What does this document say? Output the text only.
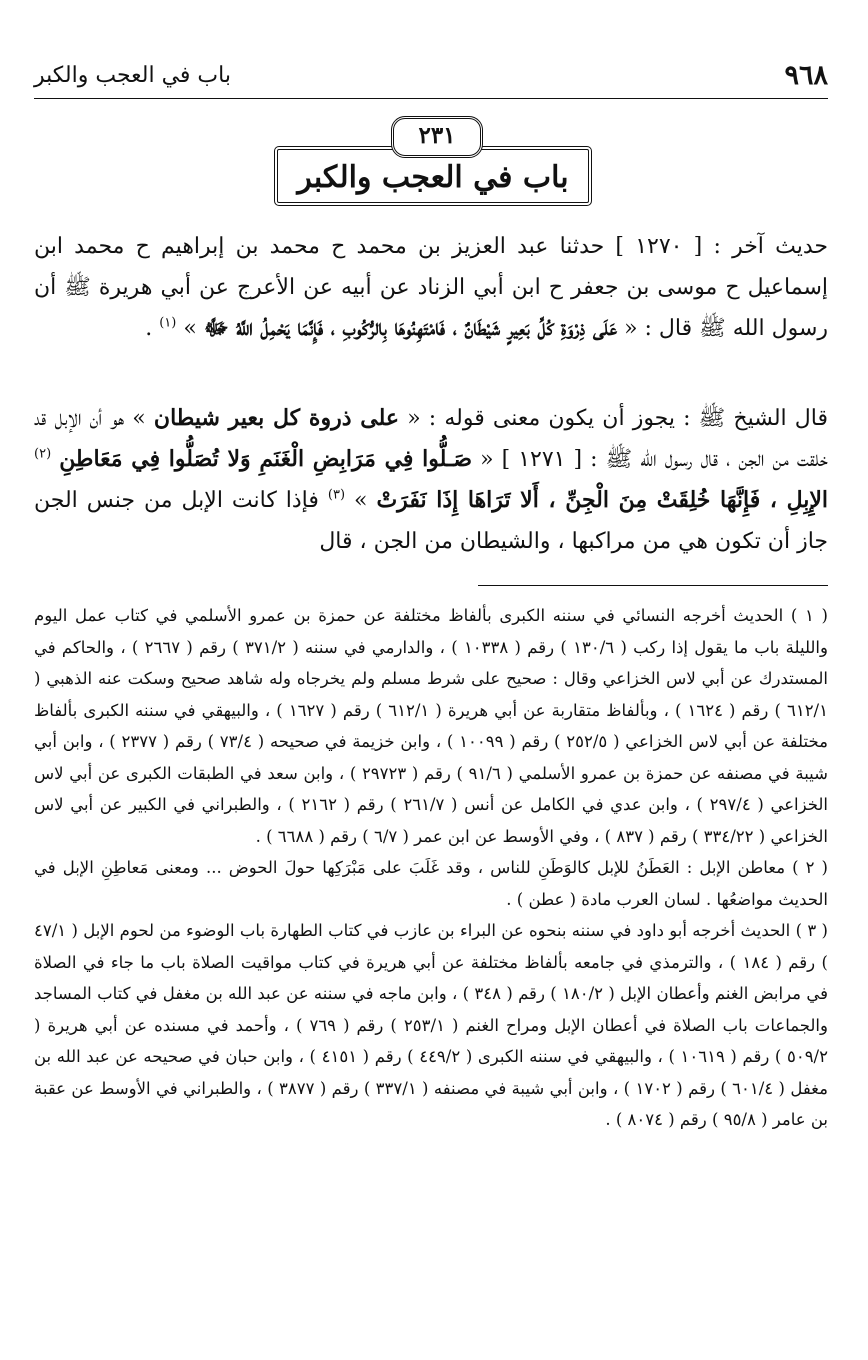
٩٦٨
باب في العجب والكبر
٢٣١
باب في العجب والكبر

حديث آخر : [ ١٢٧٠ ] حدثنا عبد العزيز بن محمد ح محمد بن إبراهيم ح محمد ابن إسماعيل ح موسى بن جعفر ح ابن أبي الزناد عن أبيه عن الأعرج عن أبي هريرة ﷺ أن رسول الله ﷺ قال : « عَلَى ذِرْوَةِ كُلِّ بَعِيرٍ شَيْطَانٌ ، فَامْتَهِنُوهَا بِالرُّكُوبِ ، فَإِنَّمَا يَحْمِلُ اللَّهُ ﷻ » $^{(١)}$ .

قال الشيخ ﷺ : يجوز أن يكون معنى قوله : « على ذروة كل بعير شيطان » هو أن الإبل قد خلقت من الجن ، قال رسول الله ﷺ : [ ١٢٧١ ] « صَـلُّوا فِي مَرَابِضِ الْغَنَمِ وَلا تُصَلُّوا فِي مَعَاطِنِ $^{(٢)}$ الإِبِلِ ، فَإِنَّهَا خُلِقَتْ مِنَ الْجِنِّ ، أَلا تَرَاهَا إِذَا نَفَرَتْ » $^{(٣)}$ فإذا كانت الإبل من جنس الجن جاز أن تكون هي من مراكبها ، والشيطان من الجن ، قال

( ١ ) الحديث أخرجه النسائي في سننه الكبرى بألفاظ مختلفة عن حمزة بن عمرو الأسلمي في كتاب عمل اليوم والليلة باب ما يقول إذا ركب ( ١٣٠/٦ ) رقم ( ١٠٣٣٨ ) ، والدارمي في سننه ( ٣٧١/٢ ) رقم ( ٢٦٦٧ ) ، والحاكم في المستدرك عن أبي لاس الخزاعي وقال : صحيح على شرط مسلم ولم يخرجاه وله شاهد صحيح وسكت عنه الذهبي ( ٦١٢/١ ) رقم ( ١٦٢٤ ) ، وبألفاظ متقاربة عن أبي هريرة ( ٦١٢/١ ) رقم ( ١٦٢٧ ) ، والبيهقي في سننه الكبرى بألفاظ مختلفة عن أبي لاس الخزاعي ( ٢٥٢/٥ ) رقم ( ١٠٠٩٩ ) ، وابن خزيمة في صحيحه ( ٧٣/٤ ) رقم ( ٢٣٧٧ ) ، وابن أبي شيبة في مصنفه عن حمزة بن عمرو الأسلمي ( ٩١/٦ ) رقم ( ٢٩٧٢٣ ) ، وابن سعد في الطبقات الكبرى عن أبي لاس الخزاعي ( ٢٩٧/٤ ) ، وابن عدي في الكامل عن أنس ( ٢٦١/٧ ) رقم ( ٢١٦٢ ) ، والطبراني في الكبير عن أبي لاس الخزاعي ( ٣٣٤/٢٢ ) رقم ( ٨٣٧ ) ، وفي الأوسط عن ابن عمر ( ٦/٧ ) رقم ( ٦٦٨٨ ) .

( ٢ ) معاطن الإبل : العَطَنُ للإبل كالوَطَنِ للناس ، وقد غَلَبَ على مَبْرَكِها حولَ الحوض ... ومعنى مَعاطِنِ الإبل في الحديث مواضعُها . لسان العرب مادة ( عطن ) .

( ٣ ) الحديث أخرجه أبو داود في سننه بنحوه عن البراء بن عازب في كتاب الطهارة باب الوضوء من لحوم الإبل ( ٤٧/١ ) رقم ( ١٨٤ ) ، والترمذي في جامعه بألفاظ مختلفة عن أبي هريرة في كتاب مواقيت الصلاة باب ما جاء في الصلاة في مرابض الغنم وأعطان الإبل ( ١٨٠/٢ ) رقم ( ٣٤٨ ) ، وابن ماجه في سننه عن عبد الله بن مغفل في كتاب المساجد والجماعات باب الصلاة في أعطان الإبل ومراح الغنم ( ٢٥٣/١ ) رقم ( ٧٦٩ ) ، وأحمد في مسنده عن أبي هريرة ( ٥٠٩/٢ ) رقم ( ١٠٦١٩ ) ، والبيهقي في سننه الكبرى ( ٤٤٩/٢ ) رقم ( ٤١٥١ ) ، وابن حبان في صحيحه عن عبد الله بن مغفل ( ٦٠١/٤ ) رقم ( ١٧٠٢ ) ، وابن أبي شيبة في مصنفه ( ٣٣٧/١ ) رقم ( ٣٨٧٧ ) ، والطبراني في الأوسط عن عقبة بن عامر ( ٩٥/٨ ) رقم ( ٨٠٧٤ ) .
